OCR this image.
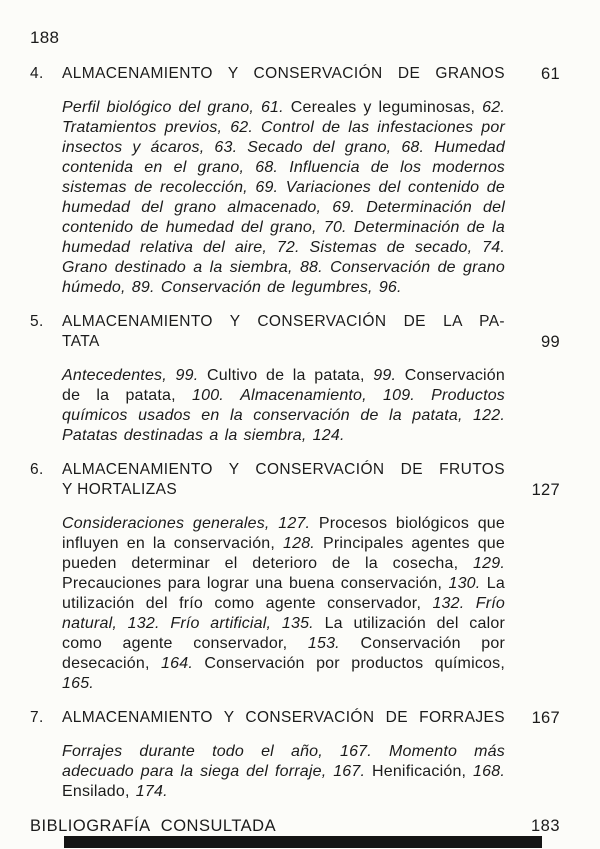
188
4.	ALMACENAMIENTO Y CONSERVACIÓN DE GRANOS	61

Perfil biológico del grano, 61. Cereales y leguminosas, 62. Tratamientos previos, 62. Control de las infestaciones por insectos y ácaros, 63. Secado del grano, 68. Humedad contenida en el grano, 68. Influencia de los modernos sistemas de recolección, 69. Variaciones del contenido de humedad del grano almacenado, 69. Determinación del contenido de humedad del grano, 70. Determinación de la humedad relativa del aire, 72. Sistemas de secado, 74. Grano destinado a la siembra, 88. Conservación de grano húmedo, 89. Conservación de legumbres, 96.

5.	ALMACENAMIENTO Y CONSERVACIÓN DE LA PA-
TATA	99

Antecedentes, 99. Cultivo de la patata, 99. Conservación de la patata, 100. Almacenamiento, 109. Productos químicos usados en la conservación de la patata, 122. Patatas destinadas a la siembra, 124.

6.	ALMACENAMIENTO Y CONSERVACIÓN DE FRUTOS
Y HORTALIZAS	127

Consideraciones generales, 127. Procesos biológicos que influyen en la conservación, 128. Principales agentes que pueden determinar el deterioro de la cosecha, 129. Precauciones para lograr una buena conservación, 130. La utilización del frío como agente conservador, 132. Frío natural, 132. Frío artificial, 135. La utilización del calor como agente conservador, 153. Conservación por desecación, 164. Conservación por productos químicos, 165.

7.	ALMACENAMIENTO Y CONSERVACIÓN DE FORRAJES	167

Forrajes durante todo el año, 167. Momento más adecuado para la siega del forraje, 167. Henificación, 168. Ensilado, 174.

BIBLIOGRAFÍA CONSULTADA	183
